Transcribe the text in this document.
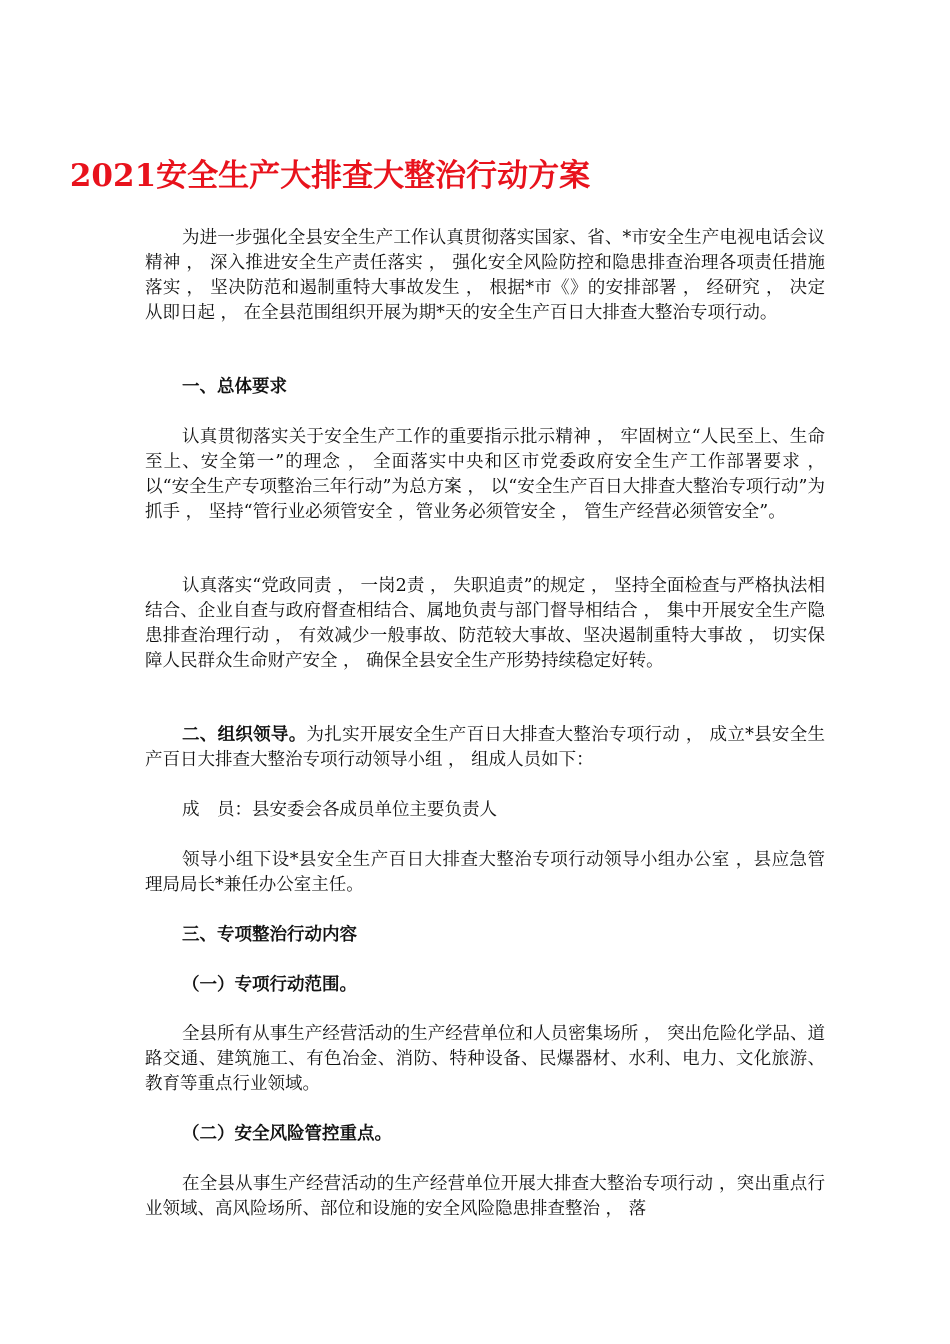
2021安全生产大排查大整治行动方案

为进一步强化全县安全生产工作认真贯彻落实国家、省、*市安全生产电视电话会议精神 ， 深入推进安全生产责任落实 ， 强化安全风险防控和隐患排查治理各项责任措施落实 ， 坚决防范和遏制重特大事故发生 ， 根据*市《》的安排部署 ， 经研究 ， 决定从即日起 ， 在全县范围组织开展为期*天的安全生产百日大排查大整治专项行动。

一、总体要求

认真贯彻落实关于安全生产工作的重要指示批示精神 ， 牢固树立“人民至上、生命至上、安全第一”的理念 ， 全面落实中央和区市党委政府安全生产工作部署要求 ， 以“安全生产专项整治三年行动”为总方案 ， 以“安全生产百日大排查大整治专项行动”为抓手 ， 坚持“管行业必须管安全 ，管业务必须管安全 ， 管生产经营必须管安全”。

认真落实“党政同责 ， 一岗2责 ， 失职追责”的规定 ， 坚持全面检查与严格执法相结合、企业自查与政府督查相结合、属地负责与部门督导相结合 ， 集中开展安全生产隐患排查治理行动 ， 有效减少一般事故、防范较大事故、坚决遏制重特大事故 ， 切实保障人民群众生命财产安全 ， 确保全县安全生产形势持续稳定好转。

二、组织领导。为扎实开展安全生产百日大排查大整治专项行动 ， 成立*县安全生产百日大排查大整治专项行动领导小组 ， 组成人员如下：

成　员：县安委会各成员单位主要负责人

领导小组下设*县安全生产百日大排查大整治专项行动领导小组办公室 ，县应急管理局局长*兼任办公室主任。

三、专项整治行动内容

（一）专项行动范围。

全县所有从事生产经营活动的生产经营单位和人员密集场所 ， 突出危险化学品、道路交通、建筑施工、有色冶金、消防、特种设备、民爆器材、水利、电力、文化旅游、教育等重点行业领域。

（二）安全风险管控重点。

在全县从事生产经营活动的生产经营单位开展大排查大整治专项行动 ，突出重点行业领域、高风险场所、部位和设施的安全风险隐患排查整治 ， 落
